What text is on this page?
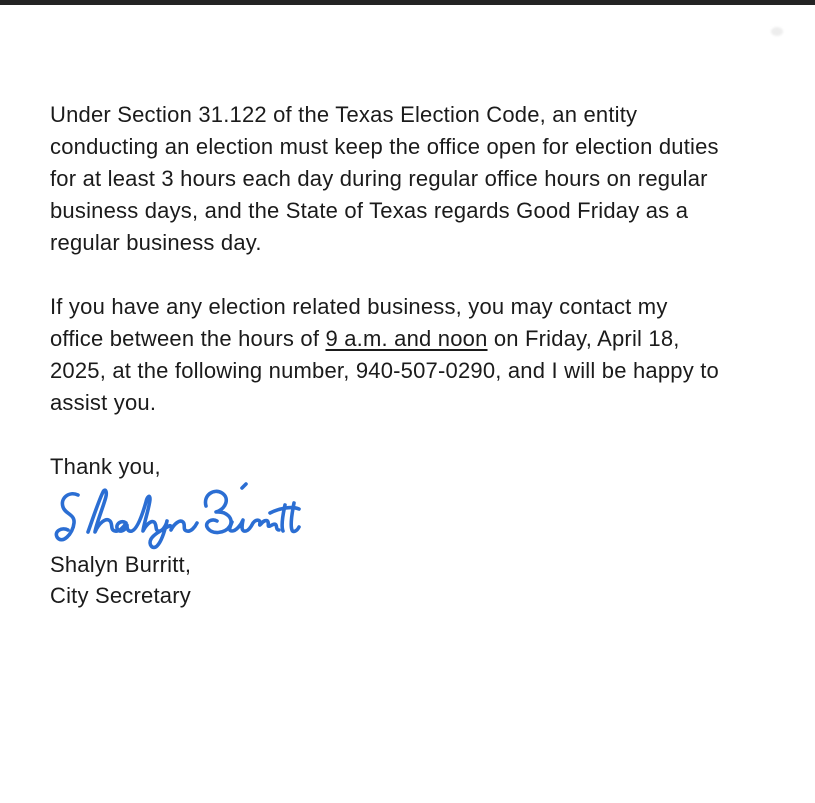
Under Section 31.122 of the Texas Election Code, an entity
conducting an election must keep the office open for election duties
for at least 3 hours each day during regular office hours on regular
business days, and the State of Texas regards Good Friday as a
regular business day.
If you have any election related business, you may contact my
office between the hours of 9 a.m. and noon on Friday, April 18,
2025, at the following number, 940-507-0290, and I will be happy to
assist you.
Thank you,
Shalyn Burritt,
City Secretary
